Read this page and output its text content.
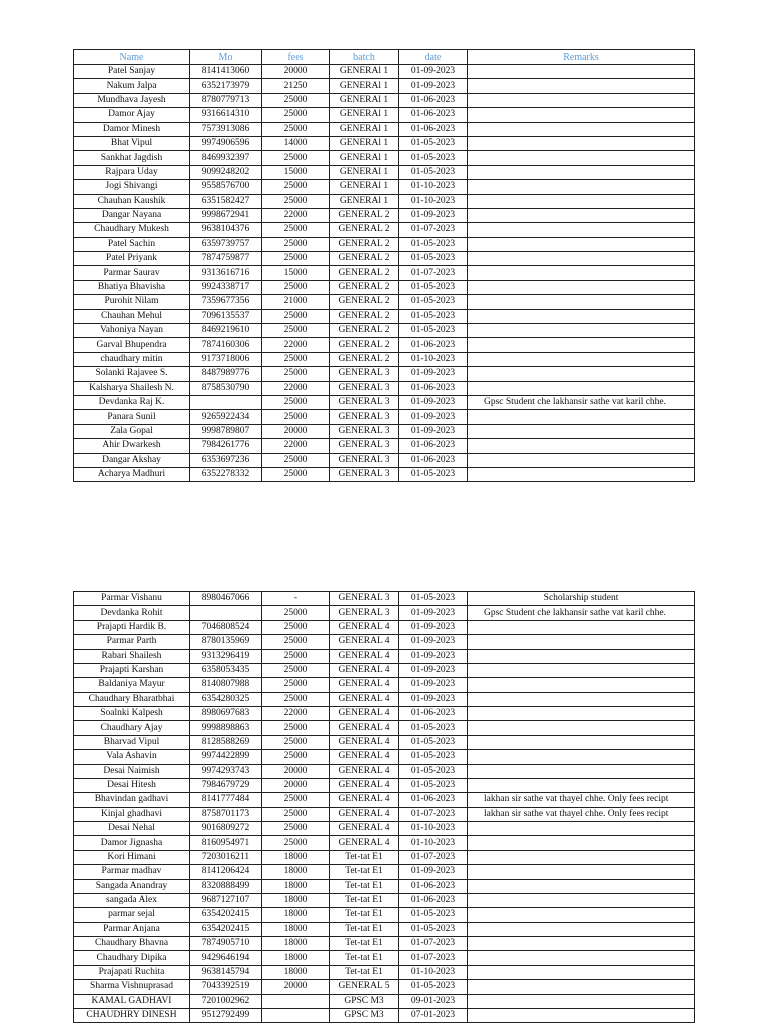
Name	Mo	fees	batch	date	Remarks
Patel Sanjay	8141413060	20000	GENERAl 1	01-09-2023	
Nakum Jalpa	6352173979	21250	GENERAl 1	01-09-2023	
Mundhava Jayesh	8780779713	25000	GENERAl 1	01-06-2023	
Damor Ajay	9316614310	25000	GENERAl 1	01-06-2023	
Damor Minesh	7573913086	25000	GENERAl 1	01-06-2023	
Bhat Vipul	9974906596	14000	GENERAl 1	01-05-2023	
Sankhat Jagdish	8469932397	25000	GENERAl 1	01-05-2023	
Rajpara Uday	9099248202	15000	GENERAl 1	01-05-2023	
Jogi Shivangi	9558576700	25000	GENERAl 1	01-10-2023	
Chauhan Kaushik	6351582427	25000	GENERAl 1	01-10-2023	
Dangar Nayana	9998672941	22000	GENERAL 2	01-09-2023	
Chaudhary Mukesh	9638104376	25000	GENERAL 2	01-07-2023	
Patel Sachin	6359739757	25000	GENERAL 2	01-05-2023	
Patel Priyank	7874759877	25000	GENERAL 2	01-05-2023	
Parmar Saurav	9313616716	15000	GENERAL 2	01-07-2023	
Bhatiya Bhavisha	9924338717	25000	GENERAL 2	01-05-2023	
Purohit Nilam	7359677356	21000	GENERAL 2	01-05-2023	
Chauhan Mehul	7096135537	25000	GENERAL 2	01-05-2023	
Vahoniya Nayan	8469219610	25000	GENERAL 2	01-05-2023	
Garval Bhupendra	7874160306	22000	GENERAL 2	01-06-2023	
chaudhary mitin	9173718006	25000	GENERAL 2	01-10-2023	
Solanki Rajavee S.	8487989776	25000	GENERAL 3	01-09-2023	
Kalsharya Shailesh N.	8758530790	22000	GENERAL 3	01-06-2023	
Devdanka Raj K.		25000	GENERAL 3	01-09-2023	Gpsc Student che lakhansir sathe vat karil chhe.
Panara Sunil	9265922434	25000	GENERAL 3	01-09-2023	
Zala Gopal	9998789807	20000	GENERAL 3	01-09-2023	
Ahir Dwarkesh	7984261776	22000	GENERAL 3	01-06-2023	
Dangar Akshay	6353697236	25000	GENERAL 3	01-06-2023	
Acharya Madhuri	6352278332	25000	GENERAL 3	01-05-2023	
Parmar Vishanu	8980467066	-	GENERAL 3	01-05-2023	Scholarship student
Devdanka Rohit		25000	GENERAL 3	01-09-2023	Gpsc Student che lakhansir sathe vat karil chhe.
Prajapti Hardik B.	7046808524	25000	GENERAL 4	01-09-2023	
Parmar Parth	8780135969	25000	GENERAL 4	01-09-2023	
Rabari Shailesh	9313296419	25000	GENERAL 4	01-09-2023	
Prajapti Karshan	6358053435	25000	GENERAL 4	01-09-2023	
Baldaniya Mayur	8140807988	25000	GENERAL 4	01-09-2023	
Chaudhary Bharatbhai	6354280325	25000	GENERAL 4	01-09-2023	
Soalnki Kalpesh	8980697683	22000	GENERAL 4	01-06-2023	
Chaudhary Ajay	9998898863	25000	GENERAL 4	01-05-2023	
Bharvad Vipul	8128588269	25000	GENERAL 4	01-05-2023	
Vala Ashavin	9974422899	25000	GENERAL 4	01-05-2023	
Desai Naimish	9974293743	20000	GENERAL 4	01-05-2023	
Desai Hitesh	7984679729	20000	GENERAL 4	01-05-2023	
Bhavindan gadhavi	8141777484	25000	GENERAL 4	01-06-2023	lakhan sir sathe vat thayel chhe. Only fees recipt
Kinjal ghadhavi	8758701173	25000	GENERAL 4	01-07-2023	lakhan sir sathe vat thayel chhe. Only fees recipt
Desai Nehal	9016809272	25000	GENERAL 4	01-10-2023	
Damor Jignasha	8160954971	25000	GENERAL 4	01-10-2023	
Kori Himani	7203016211	18000	Tet-tat E1	01-07-2023	
Parmar madhav	8141206424	18000	Tet-tat E1	01-09-2023	
Sangada Anandray	8320888499	18000	Tet-tat E1	01-06-2023	
sangada Alex	9687127107	18000	Tet-tat E1	01-06-2023	
parmar sejal	6354202415	18000	Tet-tat E1	01-05-2023	
Parmar Anjana	6354202415	18000	Tet-tat E1	01-05-2023	
Chaudhary Bhavna	7874905710	18000	Tet-tat E1	01-07-2023	
Chaudhary Dipika	9429646194	18000	Tet-tat E1	01-07-2023	
Prajapati Ruchita	9638145794	18000	Tet-tat E1	01-10-2023	
Sharma Vishnuprasad	7043392519	20000	GENERAL 5	01-05-2023	
KAMAL GADHAVI	7201002962		GPSC M3	09-01-2023	
CHAUDHRY DINESH	9512792499		GPSC M3	07-01-2023	
